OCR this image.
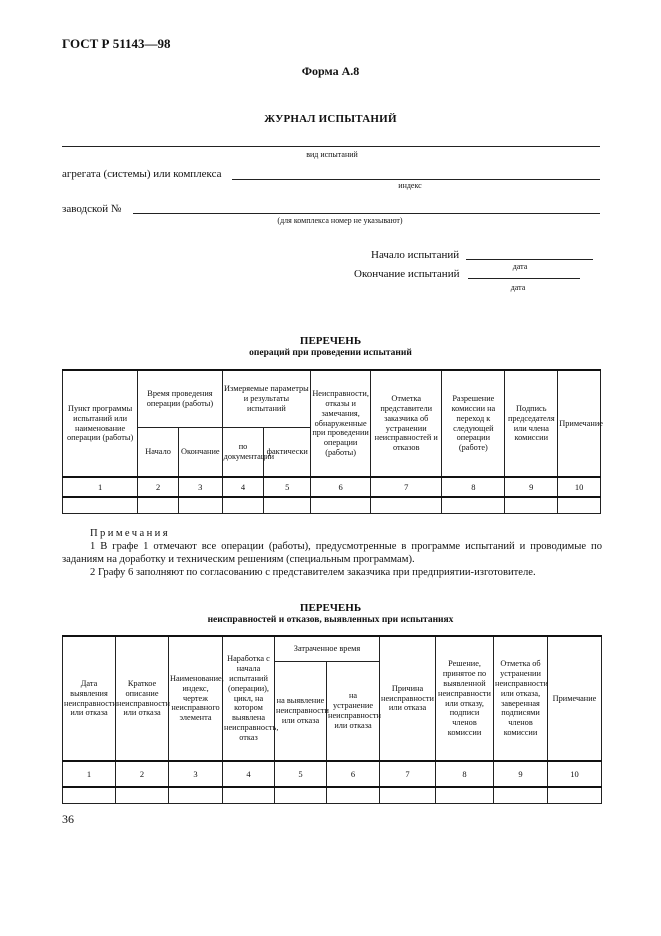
ГОСТ Р 51143—98
Форма А.8
ЖУРНАЛ ИСПЫТАНИЙ
вид испытаний
агрегата (системы) или комплекса
индекс
заводской №
(для комплекса номер не указывают)
Начало испытаний
дата
Окончание испытаний
дата
ПЕРЕЧЕНЬ
операций при проведении испытаний
Пункт программы испытаний или наименование операции (работы)	Время проведения операции (работы)		Измеряемые параметры и результаты испытаний		Неисправности, отказы и замечания, обнаруженные при проведении операции (работы)	Отметка представители заказчика об устранении неисправностей и отказов	Разрешение комиссии на переход к следующей операции (работе)	Подпись председателя или члена комиссии	Примечание
	Начало	Окончание	по документации	фактически					
1	2	3	4	5	6	7	8	9	10

Примечания

1 В графе 1 отмечают все операции (работы), предусмотренные в программе испытаний и проводимые по заданиям на доработку и техническим решениям (специальным программам).

2 Графу 6 заполняют по согласованию с представителем заказчика при предприятии-изготовителе.

ПЕРЕЧЕНЬ
неисправностей и отказов, выявленных при испытаниях
Дата выявления неисправности или отказа	Краткое описание неисправности или отказа	Наименование, индекс, чертеж неисправного элемента	Наработка с начала испытаний (операции), цикл, на котором выявлена неисправность, отказ	Затраченное время		Причина неисправности или отказа	Решение, принятое по выявленной неисправности или отказу, подписи членов комиссии	Отметка об устранении неисправности или отказа, заверенная подписями членов комиссии	Примечание
				на выявление неисправности или отказа	на устранение неисправности или отказа				
1	2	3	4	5	6	7	8	9	10

36
